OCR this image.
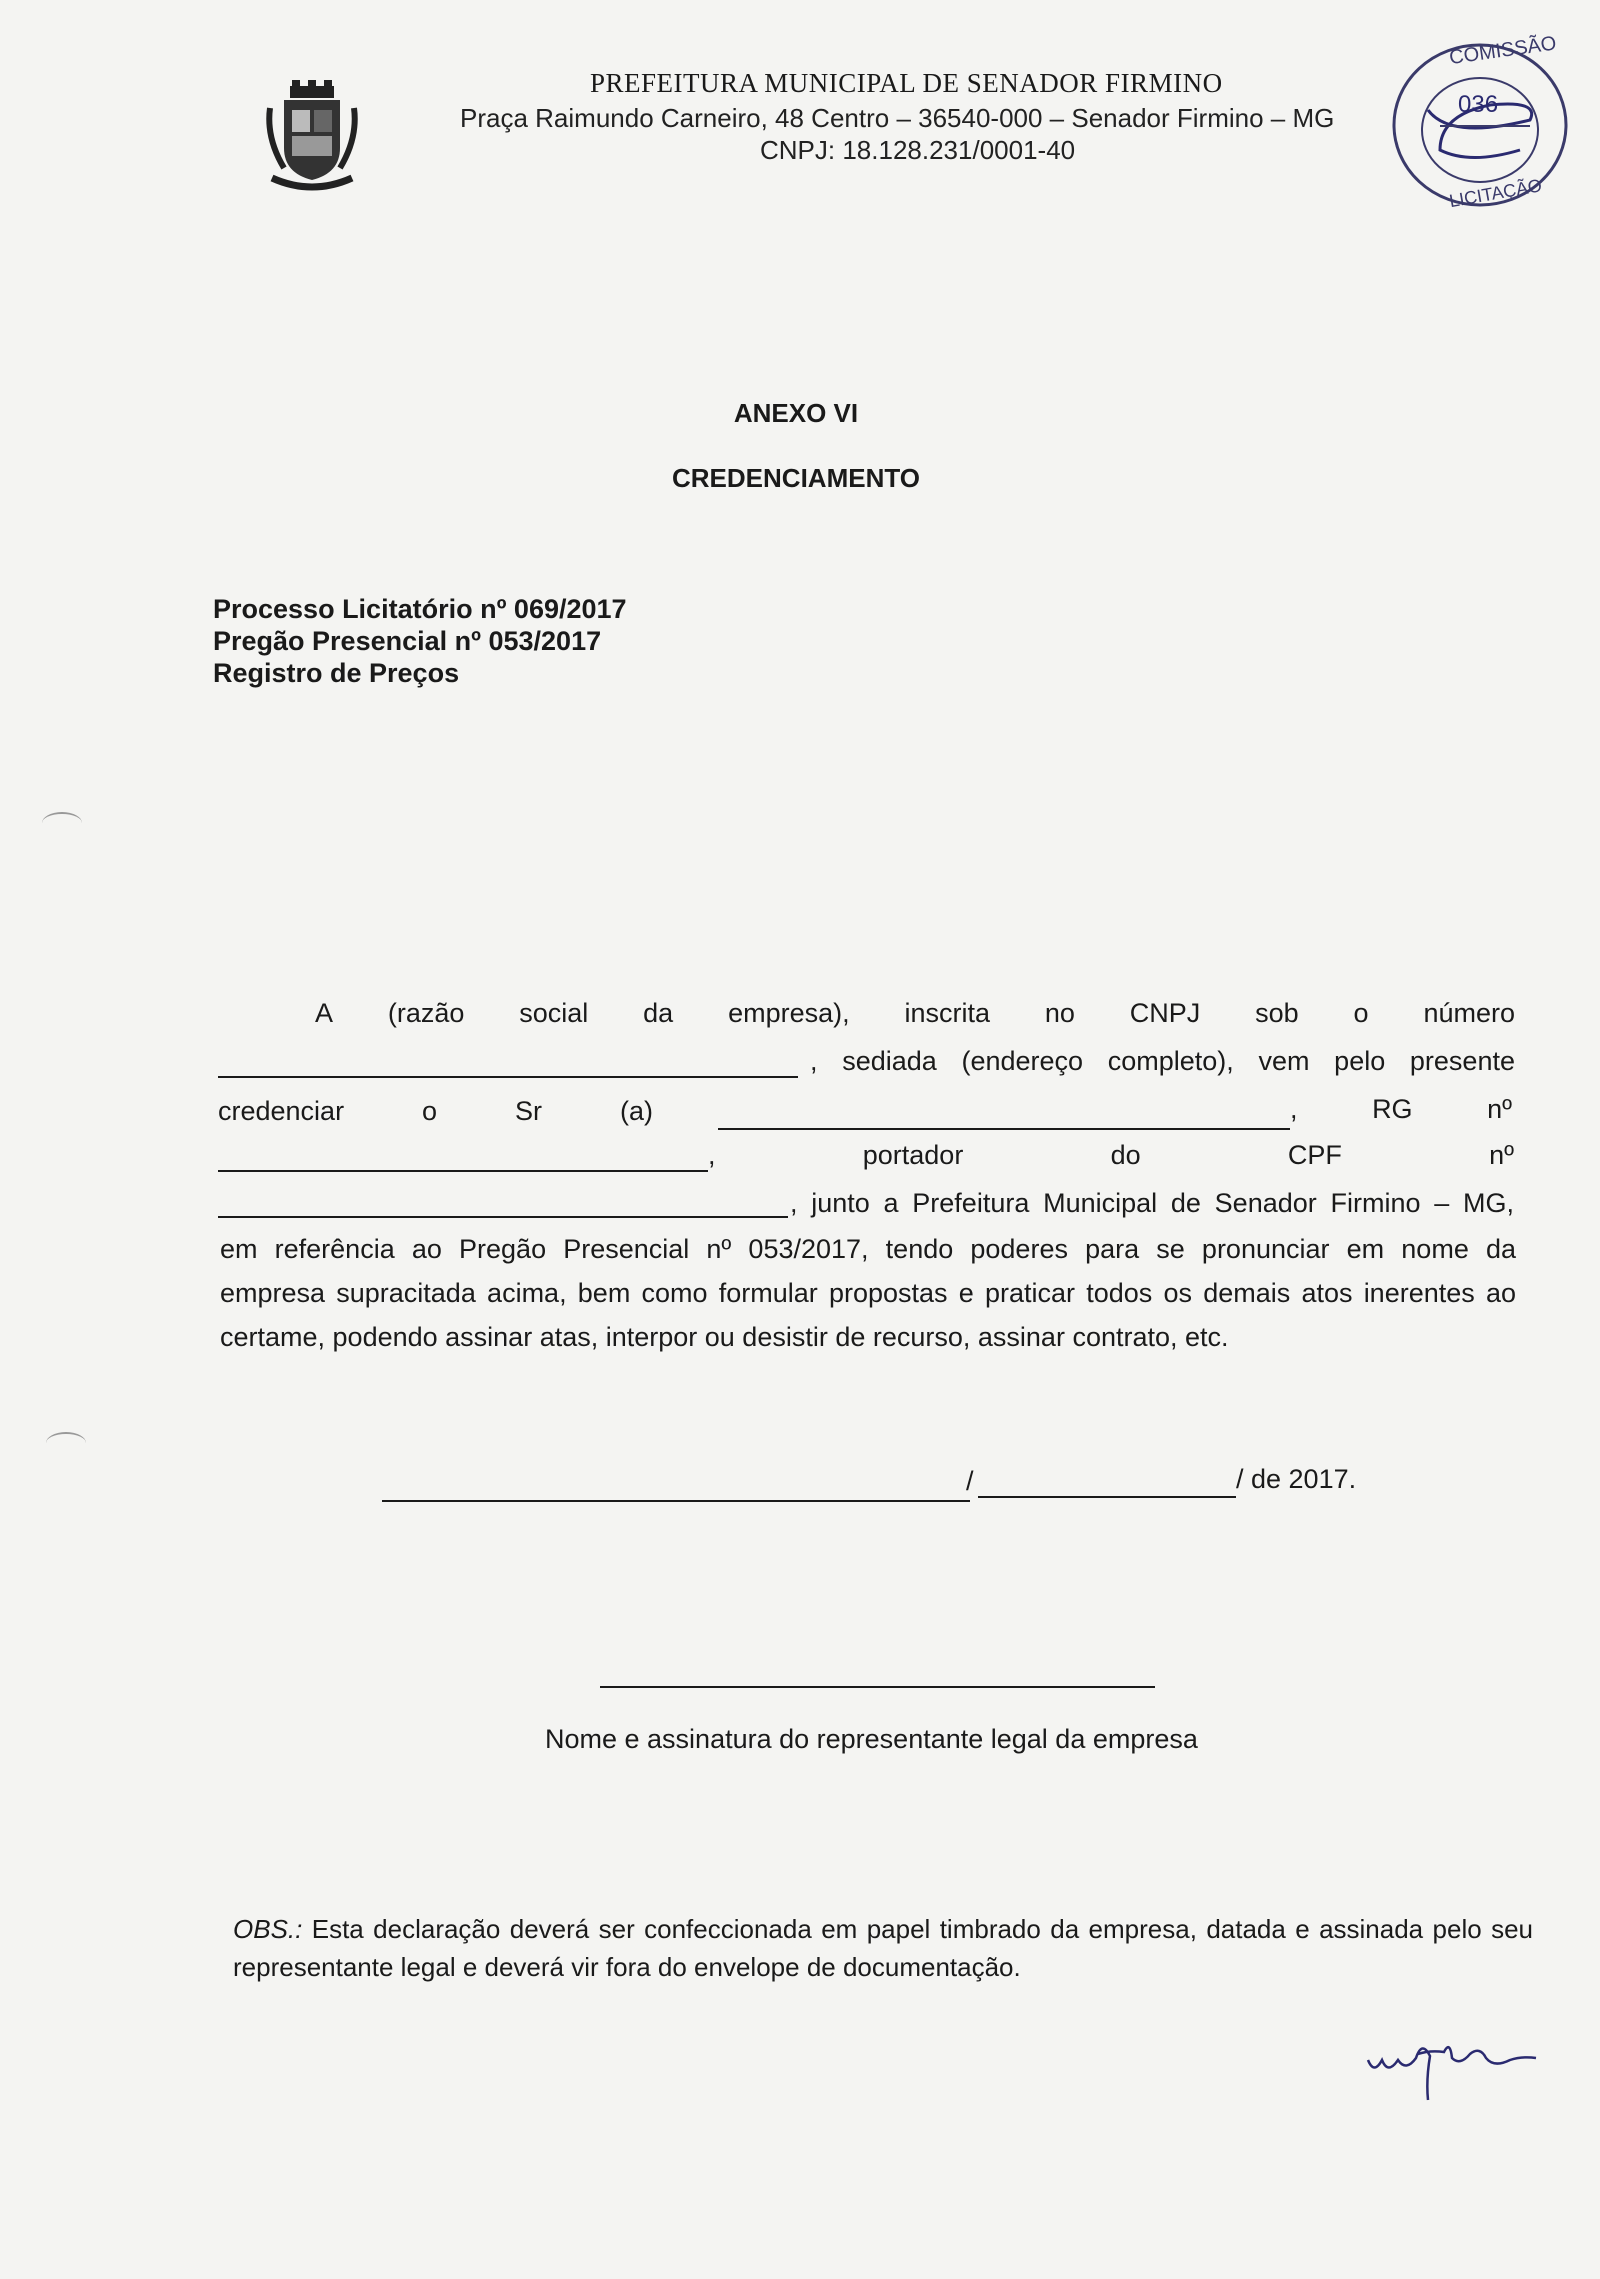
PREFEITURA MUNICIPAL DE SENADOR FIRMINO
Praça Raimundo Carneiro, 48 Centro – 36540-000 – Senador Firmino – MG
CNPJ: 18.128.231/0001-40
COMISSÃO
036
LICITAÇÃO
ANEXO VI
CREDENCIAMENTO
Processo Licitatório nº 069/2017
Pregão Presencial nº 053/2017
Registro de Preços
A (razão social da empresa), inscrita no CNPJ sob o número
, sediada (endereço completo), vem pelo presente
credenciar	o	Sr	(a)	,	RG	nº
,	portador	do	CPF	nº
, junto a Prefeitura Municipal de Senador Firmino – MG,
em referência ao Pregão Presencial nº 053/2017, tendo poderes para se pronunciar em nome da
empresa supracitada acima, bem como formular propostas e praticar todos os demais atos inerentes ao
certame, podendo assinar atas, interpor ou desistir de recurso, assinar contrato, etc.
/	/ de 2017.
Nome e assinatura do representante legal da empresa
OBS.: Esta declaração deverá ser confeccionada em papel timbrado da empresa, datada e assinada pelo seu representante legal e deverá vir fora do envelope de documentação.
